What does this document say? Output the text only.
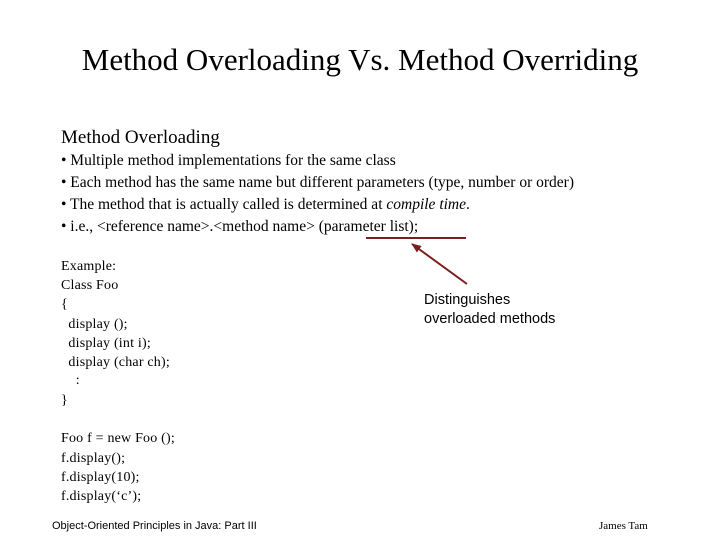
Method Overloading Vs. Method Overriding
Method Overloading
• Multiple method implementations for the same class
• Each method has the same name but different parameters (type, number or order)
• The method that is actually called is determined at compile time.
• i.e., <reference name>.<method name> (parameter list);
Example:
Class Foo
{
display ();
display (int i);
display (char ch);
:
}
Foo f = new Foo ();
f.display();
f.display(10);
f.display(‘c’);
Distinguishes
overloaded methods
Object-Oriented Principles in Java: Part III	James Tam
